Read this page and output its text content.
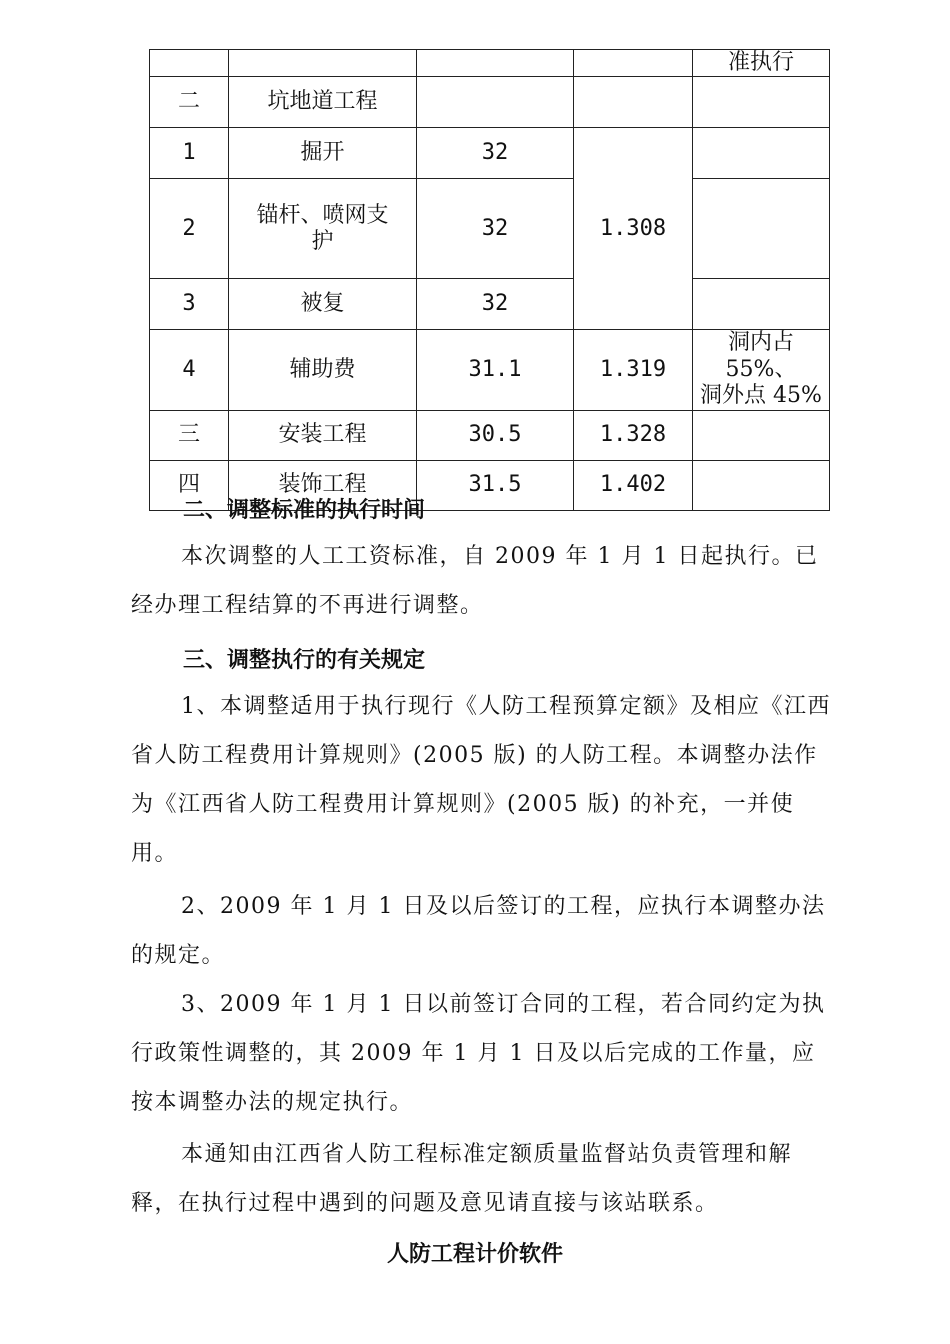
				准执行
二	坑地道工程			
1	掘开	32	1.308	
2	锚杆、喷网支护	32		
3	被复	32		
4	辅助费	31.1	1.319	洞内占 55%、
洞外点 45%

三	安装工程	30.5	1.328	
四	装饰工程	31.5	1.402	
二、调整标准的执行时间

本次调整的人工工资标准，自 2009 年 1 月 1 日起执行。已经办理工程结算的不再进行调整。

三、调整执行的有关规定

1、本调整适用于执行现行《人防工程预算定额》及相应《江西省人防工程费用计算规则》(2005 版) 的人防工程。本调整办法作为《江西省人防工程费用计算规则》(2005 版) 的补充，一并使用。

2、2009 年 1 月 1 日及以后签订的工程，应执行本调整办法的规定。

3、2009 年 1 月 1 日以前签订合同的工程，若合同约定为执行政策性调整的，其 2009 年 1 月 1 日及以后完成的工作量，应按本调整办法的规定执行。

本通知由江西省人防工程标准定额质量监督站负责管理和解释，在执行过程中遇到的问题及意见请直接与该站联系。

人防工程计价软件
